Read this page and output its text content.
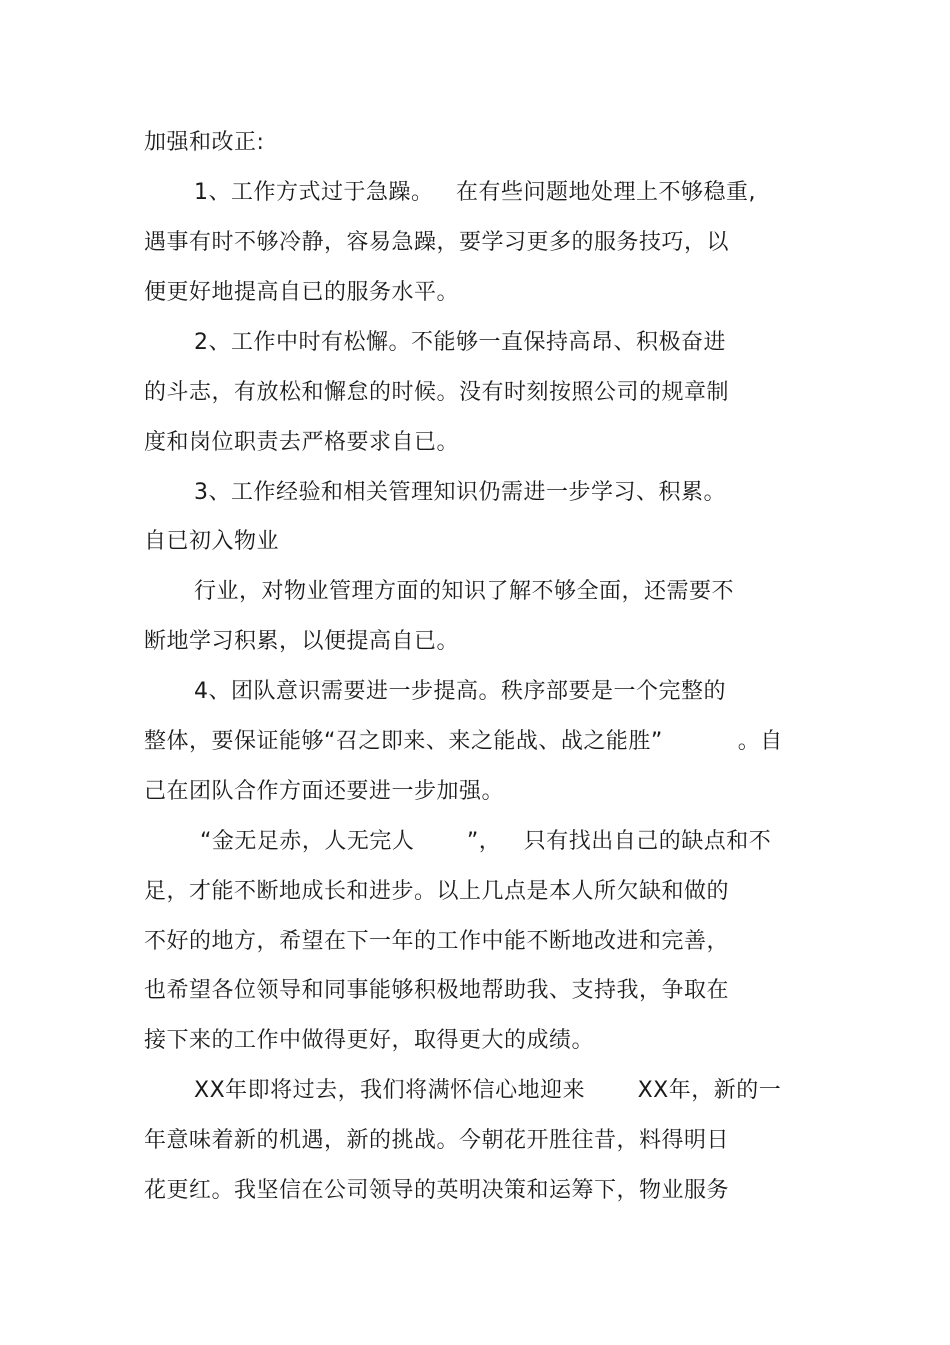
加强和改正:
1、工作方式过于急躁。   在有些问题地处理上不够稳重,
遇事有时不够冷静，容易急躁，要学习更多的服务技巧，以
便更好地提高自已的服务水平。
2、工作中时有松懈。不能够一直保持高昂、积极奋进
的斗志，有放松和懈怠的时候。没有时刻按照公司的规章制
度和岗位职责去严格要求自已。
3、工作经验和相关管理知识仍需进一步学习、积累。
自已初入物业
行业，对物业管理方面的知识了解不够全面，还需要不
断地学习积累，以便提高自已。
4、团队意识需要进一步提高。秩序部要是一个完整的
整体，要保证能够“召之即来、来之能战、战之能胜”          。自
己在团队合作方面还要进一步加强。
“金无足赤，人无完人       ”，   只有找出自己的缺点和不
足，才能不断地成长和进步。以上几点是本人所欠缺和做的
不好的地方，希望在下一年的工作中能不断地改进和完善，
也希望各位领导和同事能够积极地帮助我、支持我，争取在
接下来的工作中做得更好，取得更大的成绩。
XX年即将过去，我们将满怀信心地迎来       XX年，新的一
年意味着新的机遇，新的挑战。今朝花开胜往昔，料得明日
花更红。我坚信在公司领导的英明决策和运筹下，物业服务
